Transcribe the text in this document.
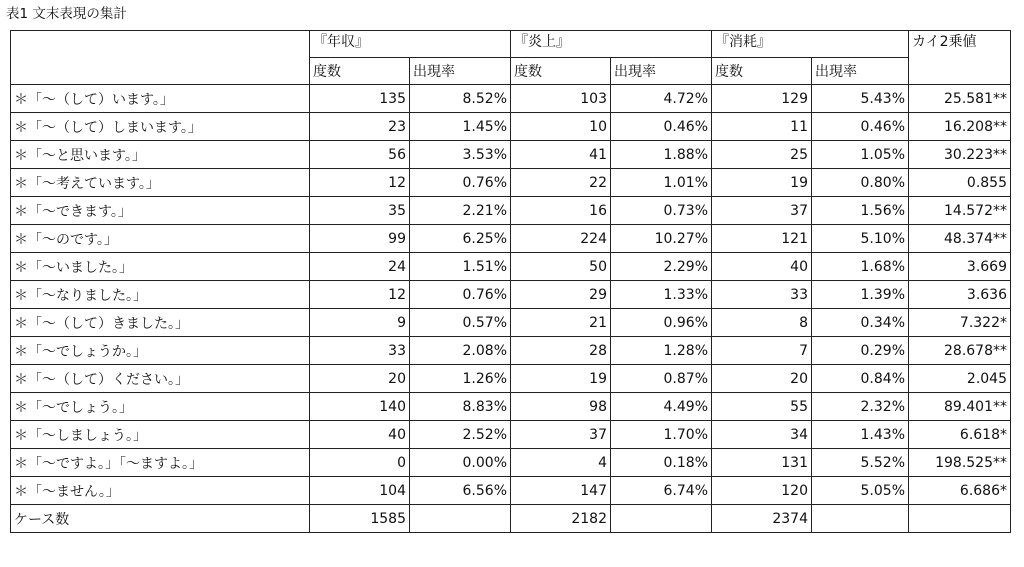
表1 文末表現の集計
	『年収』		『炎上』		『消耗』		カイ2乗値
	度数	出現率	度数	出現率	度数	出現率	
＊「～（して）います。」	135	8.52%	103	4.72%	129	5.43%	25.581**
＊「～（して）しまいます。」	23	1.45%	10	0.46%	11	0.46%	16.208**
＊「～と思います。」	56	3.53%	41	1.88%	25	1.05%	30.223**
＊「～考えています。」	12	0.76%	22	1.01%	19	0.80%	0.855
＊「～できます。」	35	2.21%	16	0.73%	37	1.56%	14.572**
＊「～のです。」	99	6.25%	224	10.27%	121	5.10%	48.374**
＊「～いました。」	24	1.51%	50	2.29%	40	1.68%	3.669
＊「～なりました。」	12	0.76%	29	1.33%	33	1.39%	3.636
＊「～（して）きました。」	9	0.57%	21	0.96%	8	0.34%	7.322*
＊「～でしょうか。」	33	2.08%	28	1.28%	7	0.29%	28.678**
＊「～（して）ください。」	20	1.26%	19	0.87%	20	0.84%	2.045
＊「～でしょう。」	140	8.83%	98	4.49%	55	2.32%	89.401**
＊「～しましょう。」	40	2.52%	37	1.70%	34	1.43%	6.618*
＊「～ですよ。」「～ますよ。」	0	0.00%	4	0.18%	131	5.52%	198.525**
＊「～ません。」	104	6.56%	147	6.74%	120	5.05%	6.686*
ケース数	1585		2182		2374		
